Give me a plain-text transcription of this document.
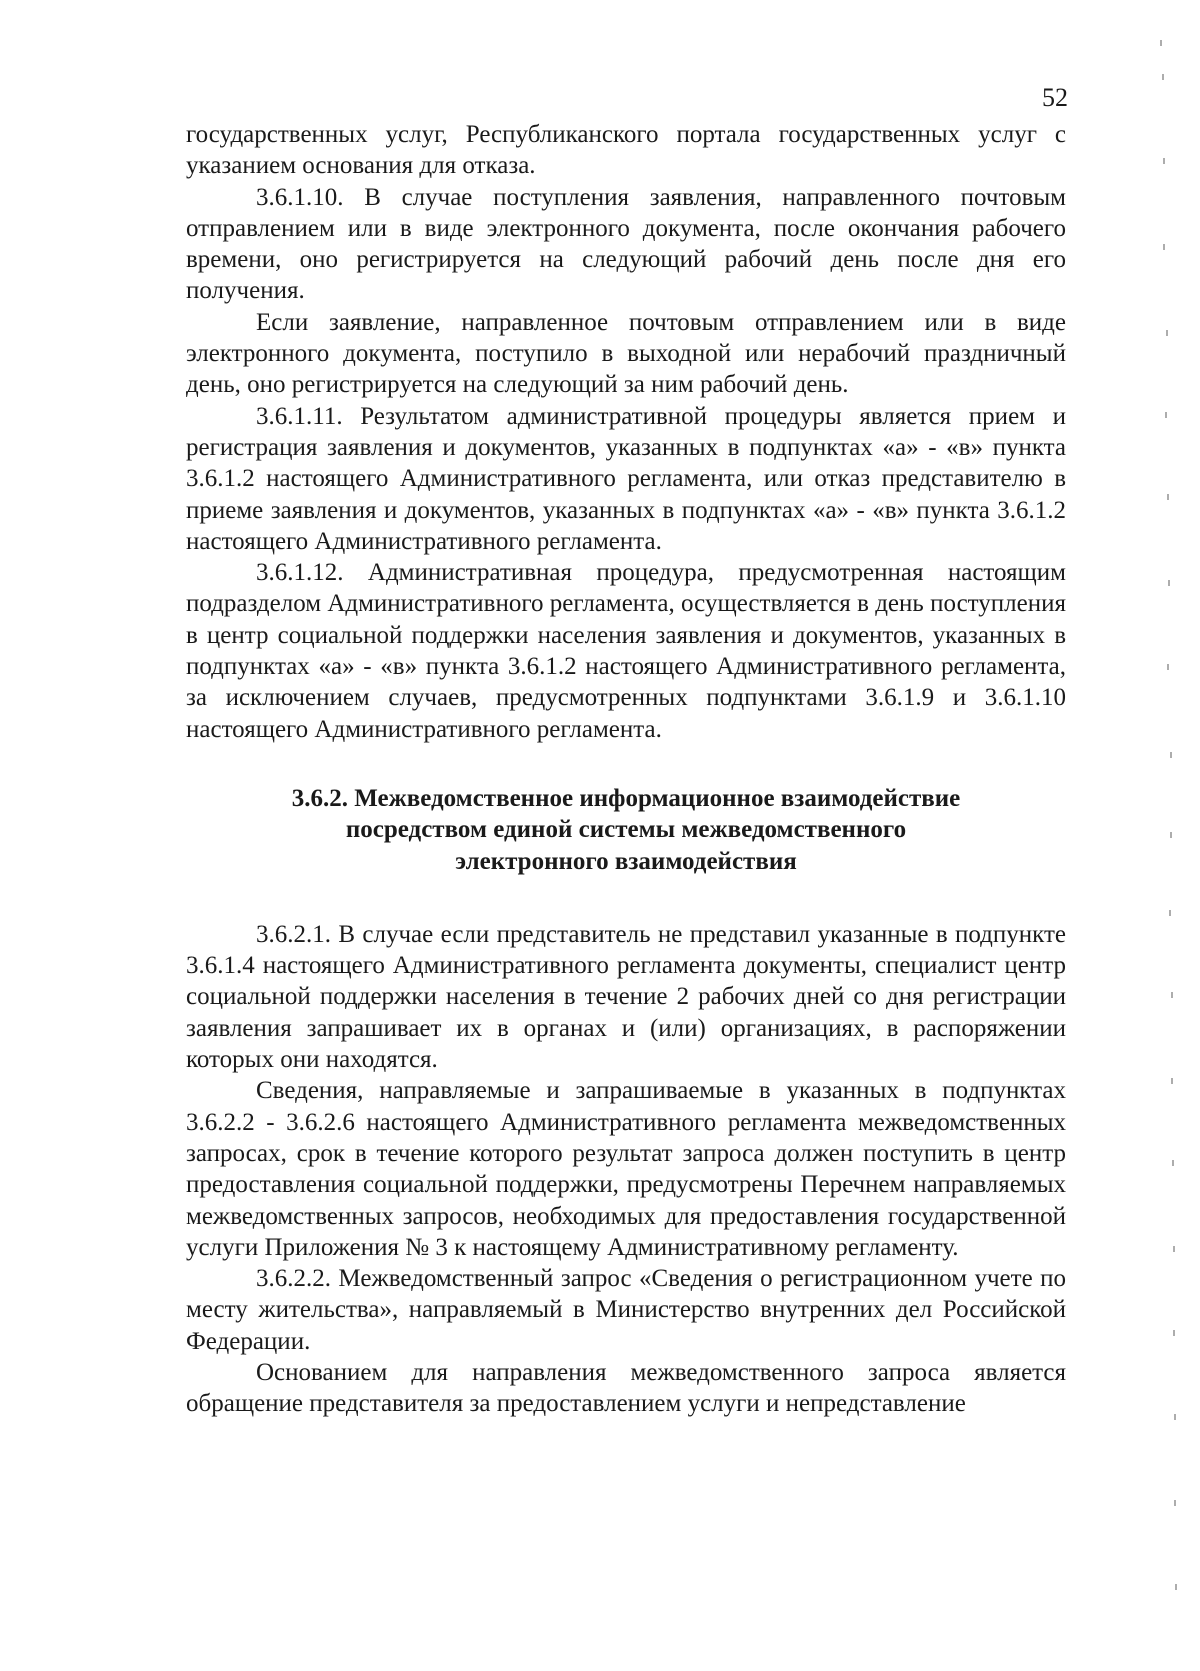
52

государственных услуг, Республиканского портала государственных услуг с указанием основания для отказа.

3.6.1.10. В случае поступления заявления, направленного почтовым отправлением или в виде электронного документа, после окончания рабочего времени, оно регистрируется на следующий рабочий день после дня его получения.

Если заявление, направленное почтовым отправлением или в виде электронного документа, поступило в выходной или нерабочий праздничный день, оно регистрируется на следующий за ним рабочий день.

3.6.1.11. Результатом административной процедуры является прием и регистрация заявления и документов, указанных в подпунктах «а» - «в» пункта 3.6.1.2 настоящего Административного регламента, или отказ представителю в приеме заявления и документов, указанных в подпунктах «а» - «в» пункта 3.6.1.2 настоящего Административного регламента.

3.6.1.12. Административная процедура, предусмотренная настоящим подразделом Административного регламента, осуществляется в день поступления в центр социальной поддержки населения заявления и документов, указанных в подпунктах «а» - «в» пункта 3.6.1.2 настоящего Административного регламента, за исключением случаев, предусмотренных подпунктами 3.6.1.9 и 3.6.1.10 настоящего Административного регламента.

3.6.2. Межведомственное информационное взаимодействие
посредством единой системы межведомственного
электронного взаимодействия

3.6.2.1. В случае если представитель не представил указанные в подпункте 3.6.1.4 настоящего Административного регламента документы, специалист центр социальной поддержки населения в течение 2 рабочих дней со дня регистрации заявления запрашивает их в органах и (или) организациях, в распоряжении которых они находятся.

Сведения, направляемые и запрашиваемые в указанных в подпунктах 3.6.2.2 - 3.6.2.6 настоящего Административного регламента межведомственных запросах, срок в течение которого результат запроса должен поступить в центр предоставления социальной поддержки, предусмотрены Перечнем направляемых межведомственных запросов, необходимых для предоставления государственной услуги Приложения № 3 к настоящему Административному регламенту.

3.6.2.2. Межведомственный запрос «Сведения о регистрационном учете по месту жительства», направляемый в Министерство внутренних дел Российской Федерации.

Основанием для направления межведомственного запроса является обращение представителя за предоставлением услуги и непредставление
